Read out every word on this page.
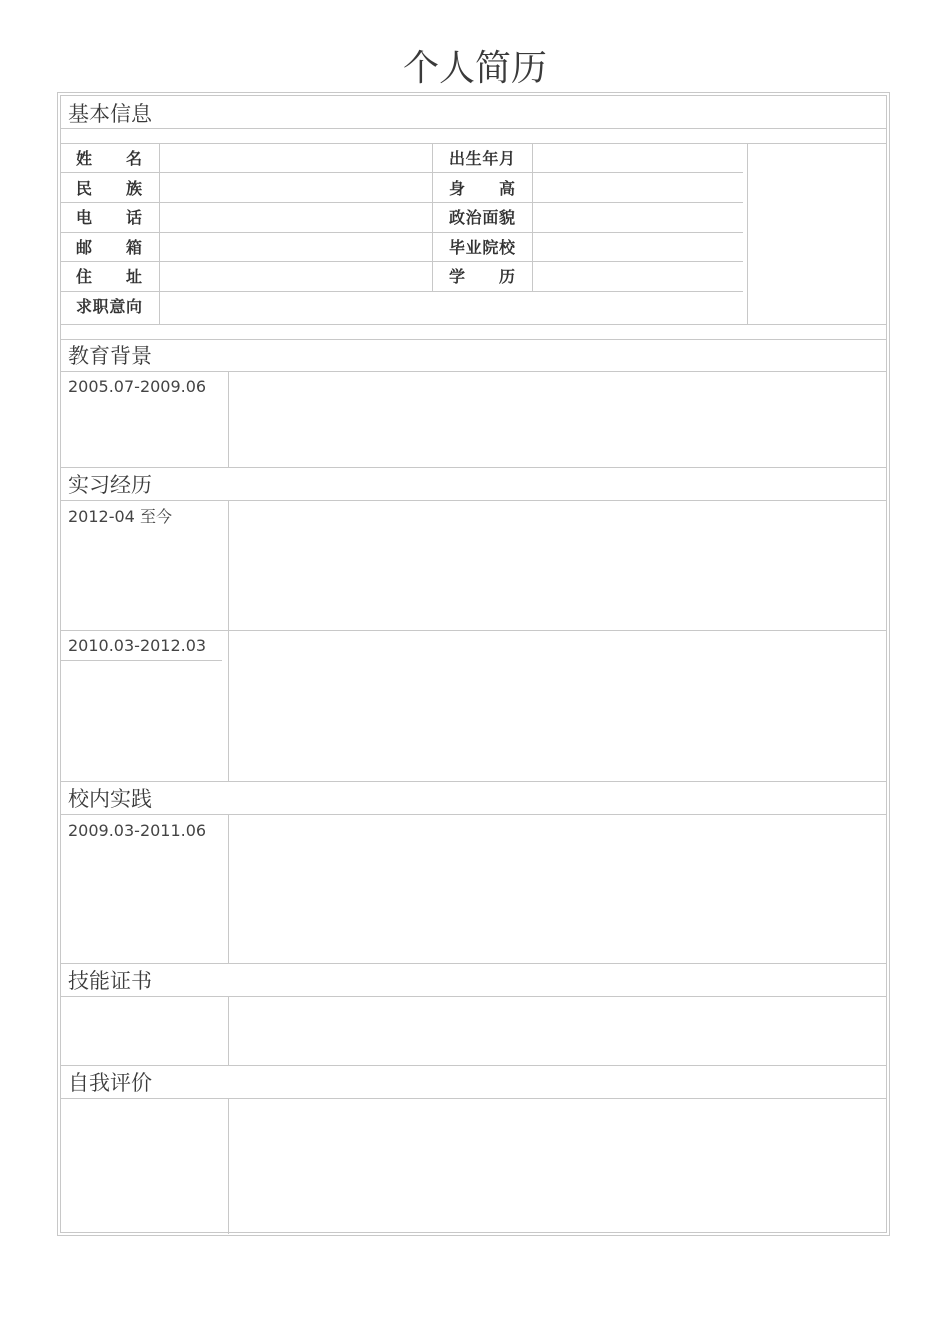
个人简历
基本信息
姓　　名
民　　族
电　　话
邮　　箱
住　　址
求职意向
出生年月
身　　高
政治面貌
毕业院校
学　　历
教育背景
2005.07-2009.06
实习经历
2012-04 至今
2010.03-2012.03
校内实践
2009.03-2011.06
技能证书
自我评价
